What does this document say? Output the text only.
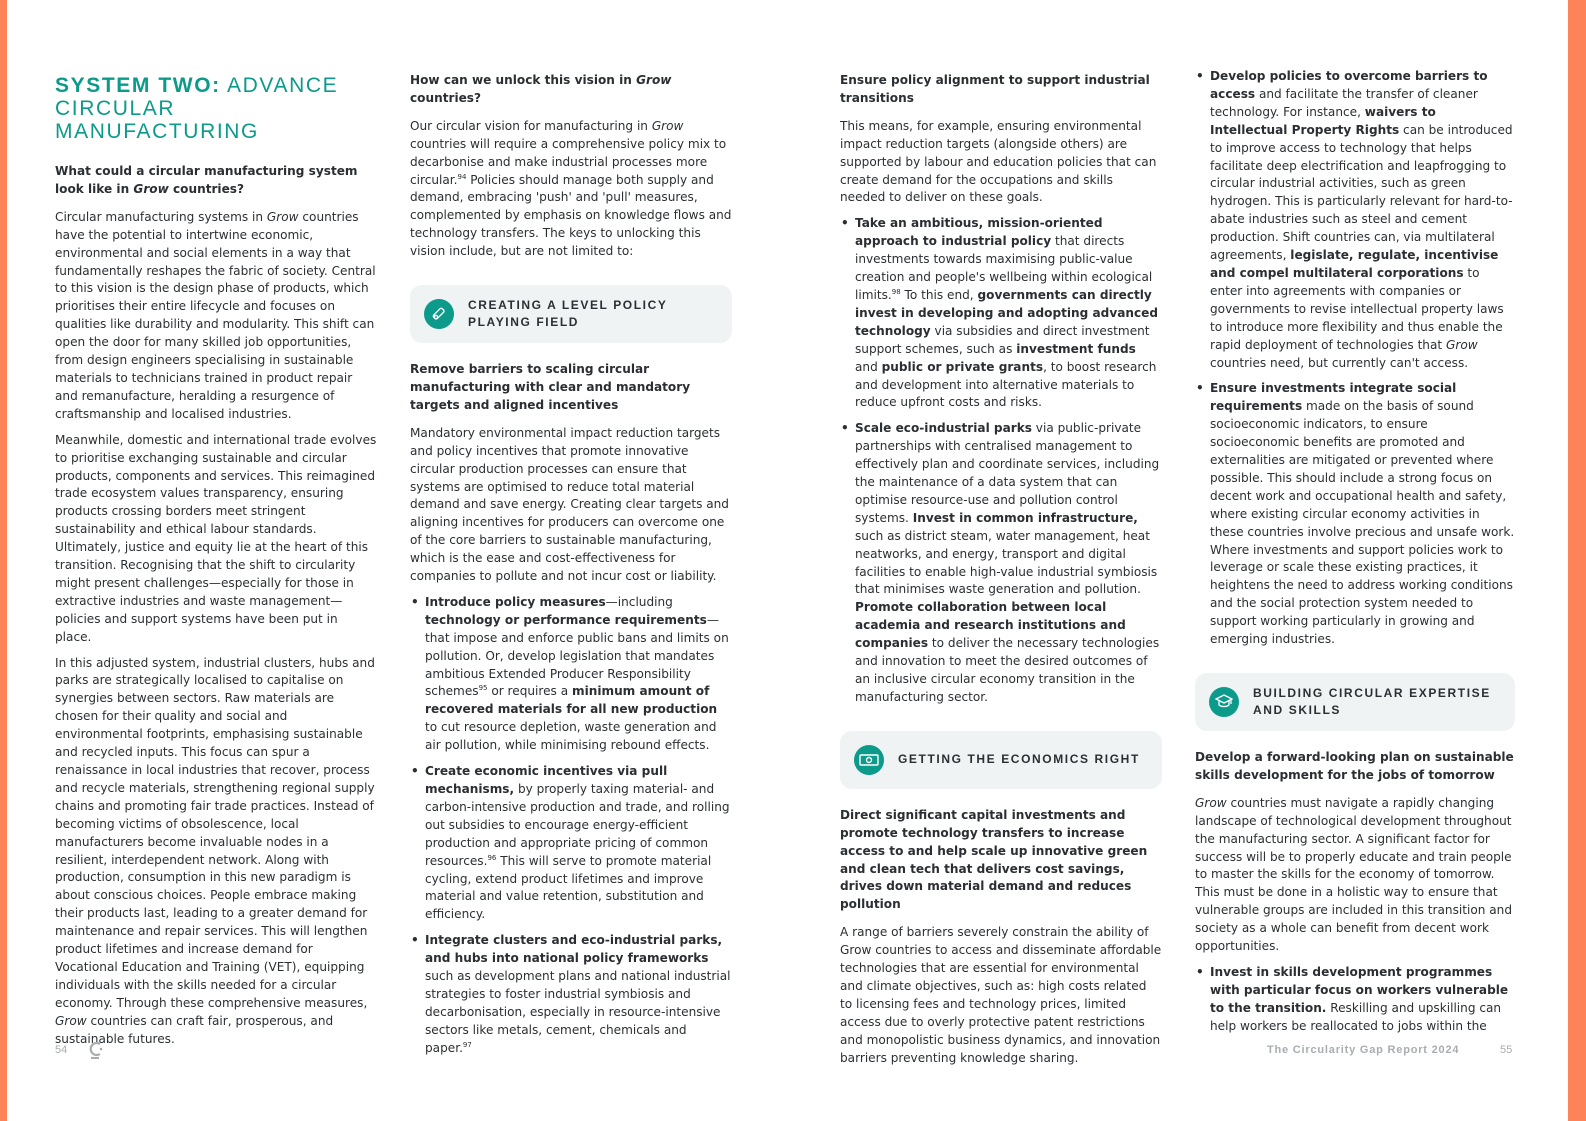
SYSTEM TWO: ADVANCE CIRCULAR MANUFACTURING

What could a circular manufacturing system look like in Grow countries?

Circular manufacturing systems in Grow countries have the potential to intertwine economic, environmental and social elements in a way that fundamentally reshapes the fabric of society. Central to this vision is the design phase of products, which prioritises their entire lifecycle and focuses on qualities like durability and modularity. This shift can open the door for many skilled job opportunities, from design engineers specialising in sustainable materials to technicians trained in product repair and remanufacture, heralding a resurgence of craftsmanship and localised industries.

Meanwhile, domestic and international trade evolves to prioritise exchanging sustainable and circular products, components and services. This reimagined trade ecosystem values transparency, ensuring products crossing borders meet stringent sustainability and ethical labour standards. Ultimately, justice and equity lie at the heart of this transition. Recognising that the shift to circularity might present challenges—especially for those in extractive industries and waste management—policies and support systems have been put in place.

In this adjusted system, industrial clusters, hubs and parks are strategically localised to capitalise on synergies between sectors. Raw materials are chosen for their quality and social and environmental footprints, emphasising sustainable and recycled inputs. This focus can spur a renaissance in local industries that recover, process and recycle materials, strengthening regional supply chains and promoting fair trade practices. Instead of becoming victims of obsolescence, local manufacturers become invaluable nodes in a resilient, interdependent network. Along with production, consumption in this new paradigm is about conscious choices. People embrace making their products last, leading to a greater demand for maintenance and repair services. This will lengthen product lifetimes and increase demand for Vocational Education and Training (VET), equipping individuals with the skills needed for a circular economy. Through these comprehensive measures, Grow countries can craft fair, prosperous, and sustainable futures.

How can we unlock this vision in Grow countries?

Our circular vision for manufacturing in Grow countries will require a comprehensive policy mix to decarbonise and make industrial processes more circular.$^{94}$ Policies should manage both supply and demand, embracing 'push' and 'pull' measures, complemented by emphasis on knowledge flows and technology transfers. The keys to unlocking this vision include, but are not limited to:

CREATING A LEVEL POLICY PLAYING FIELD

Remove barriers to scaling circular manufacturing with clear and mandatory targets and aligned incentives

Mandatory environmental impact reduction targets and policy incentives that promote innovative circular production processes can ensure that systems are optimised to reduce total material demand and save energy. Creating clear targets and aligning incentives for producers can overcome one of the core barriers to sustainable manufacturing, which is the ease and cost-effectiveness for companies to pollute and not incur cost or liability.

• Introduce policy measures—including technology or performance requirements—that impose and enforce public bans and limits on pollution. Or, develop legislation that mandates ambitious Extended Producer Responsibility schemes$^{95}$ or requires a minimum amount of recovered materials for all new production to cut resource depletion, waste generation and air pollution, while minimising rebound effects.
• Create economic incentives via pull mechanisms, by properly taxing material- and carbon-intensive production and trade, and rolling out subsidies to encourage energy-efficient production and appropriate pricing of common resources.$^{96}$ This will serve to promote material cycling, extend product lifetimes and improve material and value retention, substitution and efficiency.
• Integrate clusters and eco-industrial parks, and hubs into national policy frameworks such as development plans and national industrial strategies to foster industrial symbiosis and decarbonisation, especially in resource-intensive sectors like metals, cement, chemicals and paper.$^{97}$

Ensure policy alignment to support industrial transitions

This means, for example, ensuring environmental impact reduction targets (alongside others) are supported by labour and education policies that can create demand for the occupations and skills needed to deliver on these goals.

• Take an ambitious, mission-oriented approach to industrial policy that directs investments towards maximising public-value creation and people's wellbeing within ecological limits.$^{98}$ To this end, governments can directly invest in developing and adopting advanced technology via subsidies and direct investment support schemes, such as investment funds and public or private grants, to boost research and development into alternative materials to reduce upfront costs and risks.
• Scale eco-industrial parks via public-private partnerships with centralised management to effectively plan and coordinate services, including the maintenance of a data system that can optimise resource-use and pollution control systems. Invest in common infrastructure, such as district steam, water management, heat neatworks, and energy, transport and digital facilities to enable high-value industrial symbiosis that minimises waste generation and pollution. Promote collaboration between local academia and research institutions and companies to deliver the necessary technologies and innovation to meet the desired outcomes of an inclusive circular economy transition in the manufacturing sector.
GETTING THE ECONOMICS RIGHT

Direct significant capital investments and promote technology transfers to increase access to and help scale up innovative green and clean tech that delivers cost savings, drives down material demand and reduces pollution

A range of barriers severely constrain the ability of Grow countries to access and disseminate affordable technologies that are essential for environmental and climate objectives, such as: high costs related to licensing fees and technology prices, limited access due to overly protective patent restrictions and monopolistic business dynamics, and innovation barriers preventing knowledge sharing.

• Develop policies to overcome barriers to access and facilitate the transfer of cleaner technology. For instance, waivers to Intellectual Property Rights can be introduced to improve access to technology that helps facilitate deep electrification and leapfrogging to circular industrial activities, such as green hydrogen. This is particularly relevant for hard-to-abate industries such as steel and cement production. Shift countries can, via multilateral agreements, legislate, regulate, incentivise and compel multilateral corporations to enter into agreements with companies or governments to revise intellectual property laws to introduce more flexibility and thus enable the rapid deployment of technologies that Grow countries need, but currently can't access.
• Ensure investments integrate social requirements made on the basis of sound socioeconomic indicators, to ensure socioeconomic benefits are promoted and externalities are mitigated or prevented where possible. This should include a strong focus on decent work and occupational health and safety, where existing circular economy activities in these countries involve precious and unsafe work. Where investments and support policies work to leverage or scale these existing practices, it heightens the need to address working conditions and the social protection system needed to support working particularly in growing and emerging industries.
BUILDING CIRCULAR EXPERTISE AND SKILLS

Develop a forward-looking plan on sustainable skills development for the jobs of tomorrow

Grow countries must navigate a rapidly changing landscape of technological development throughout the manufacturing sector. A significant factor for success will be to properly educate and train people to master the skills for the economy of tomorrow. This must be done in a holistic way to ensure that vulnerable groups are included in this transition and society as a whole can benefit from decent work opportunities.

• Invest in skills development programmes with particular focus on workers vulnerable to the transition. Reskilling and upskilling can help workers be reallocated to jobs within the
54	The Circularity Gap Report 2024	55
